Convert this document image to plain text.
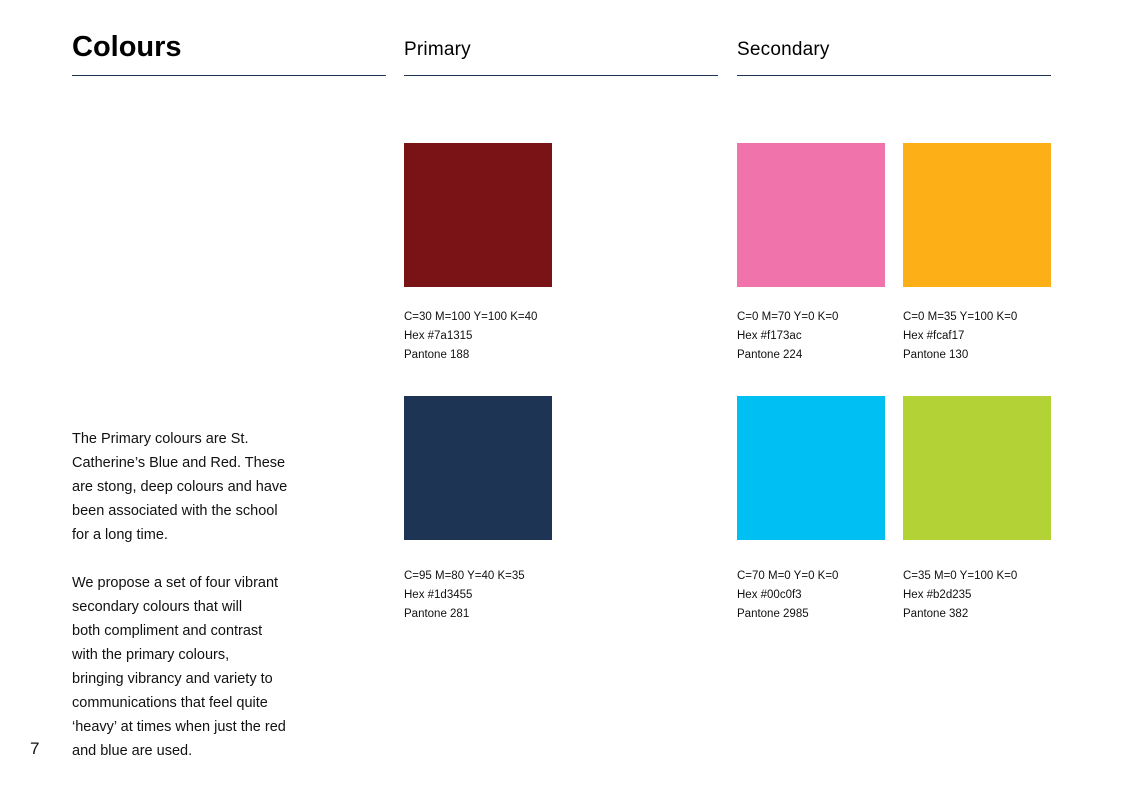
Colours	Primary	Secondary
C=30 M=100 Y=100 K=40
Hex #7a1315
Pantone 188
C=95 M=80 Y=40 K=35
Hex #1d3455
Pantone 281
C=0 M=70 Y=0 K=0
Hex #f173ac
Pantone 224
C=0 M=35 Y=100 K=0
Hex #fcaf17
Pantone 130
C=70 M=0 Y=0 K=0
Hex #00c0f3
Pantone 2985
C=35 M=0 Y=100 K=0
Hex #b2d235
Pantone 382
The Primary colours are St.
Catherine’s Blue and Red. These
are stong, deep colours and have
been associated with the school
for a long time.
We propose a set of four vibrant
secondary colours that will
both compliment and contrast
with the primary colours,
bringing vibrancy and variety to
communications that feel quite
‘heavy’ at times when just the red
and blue are used.
7
